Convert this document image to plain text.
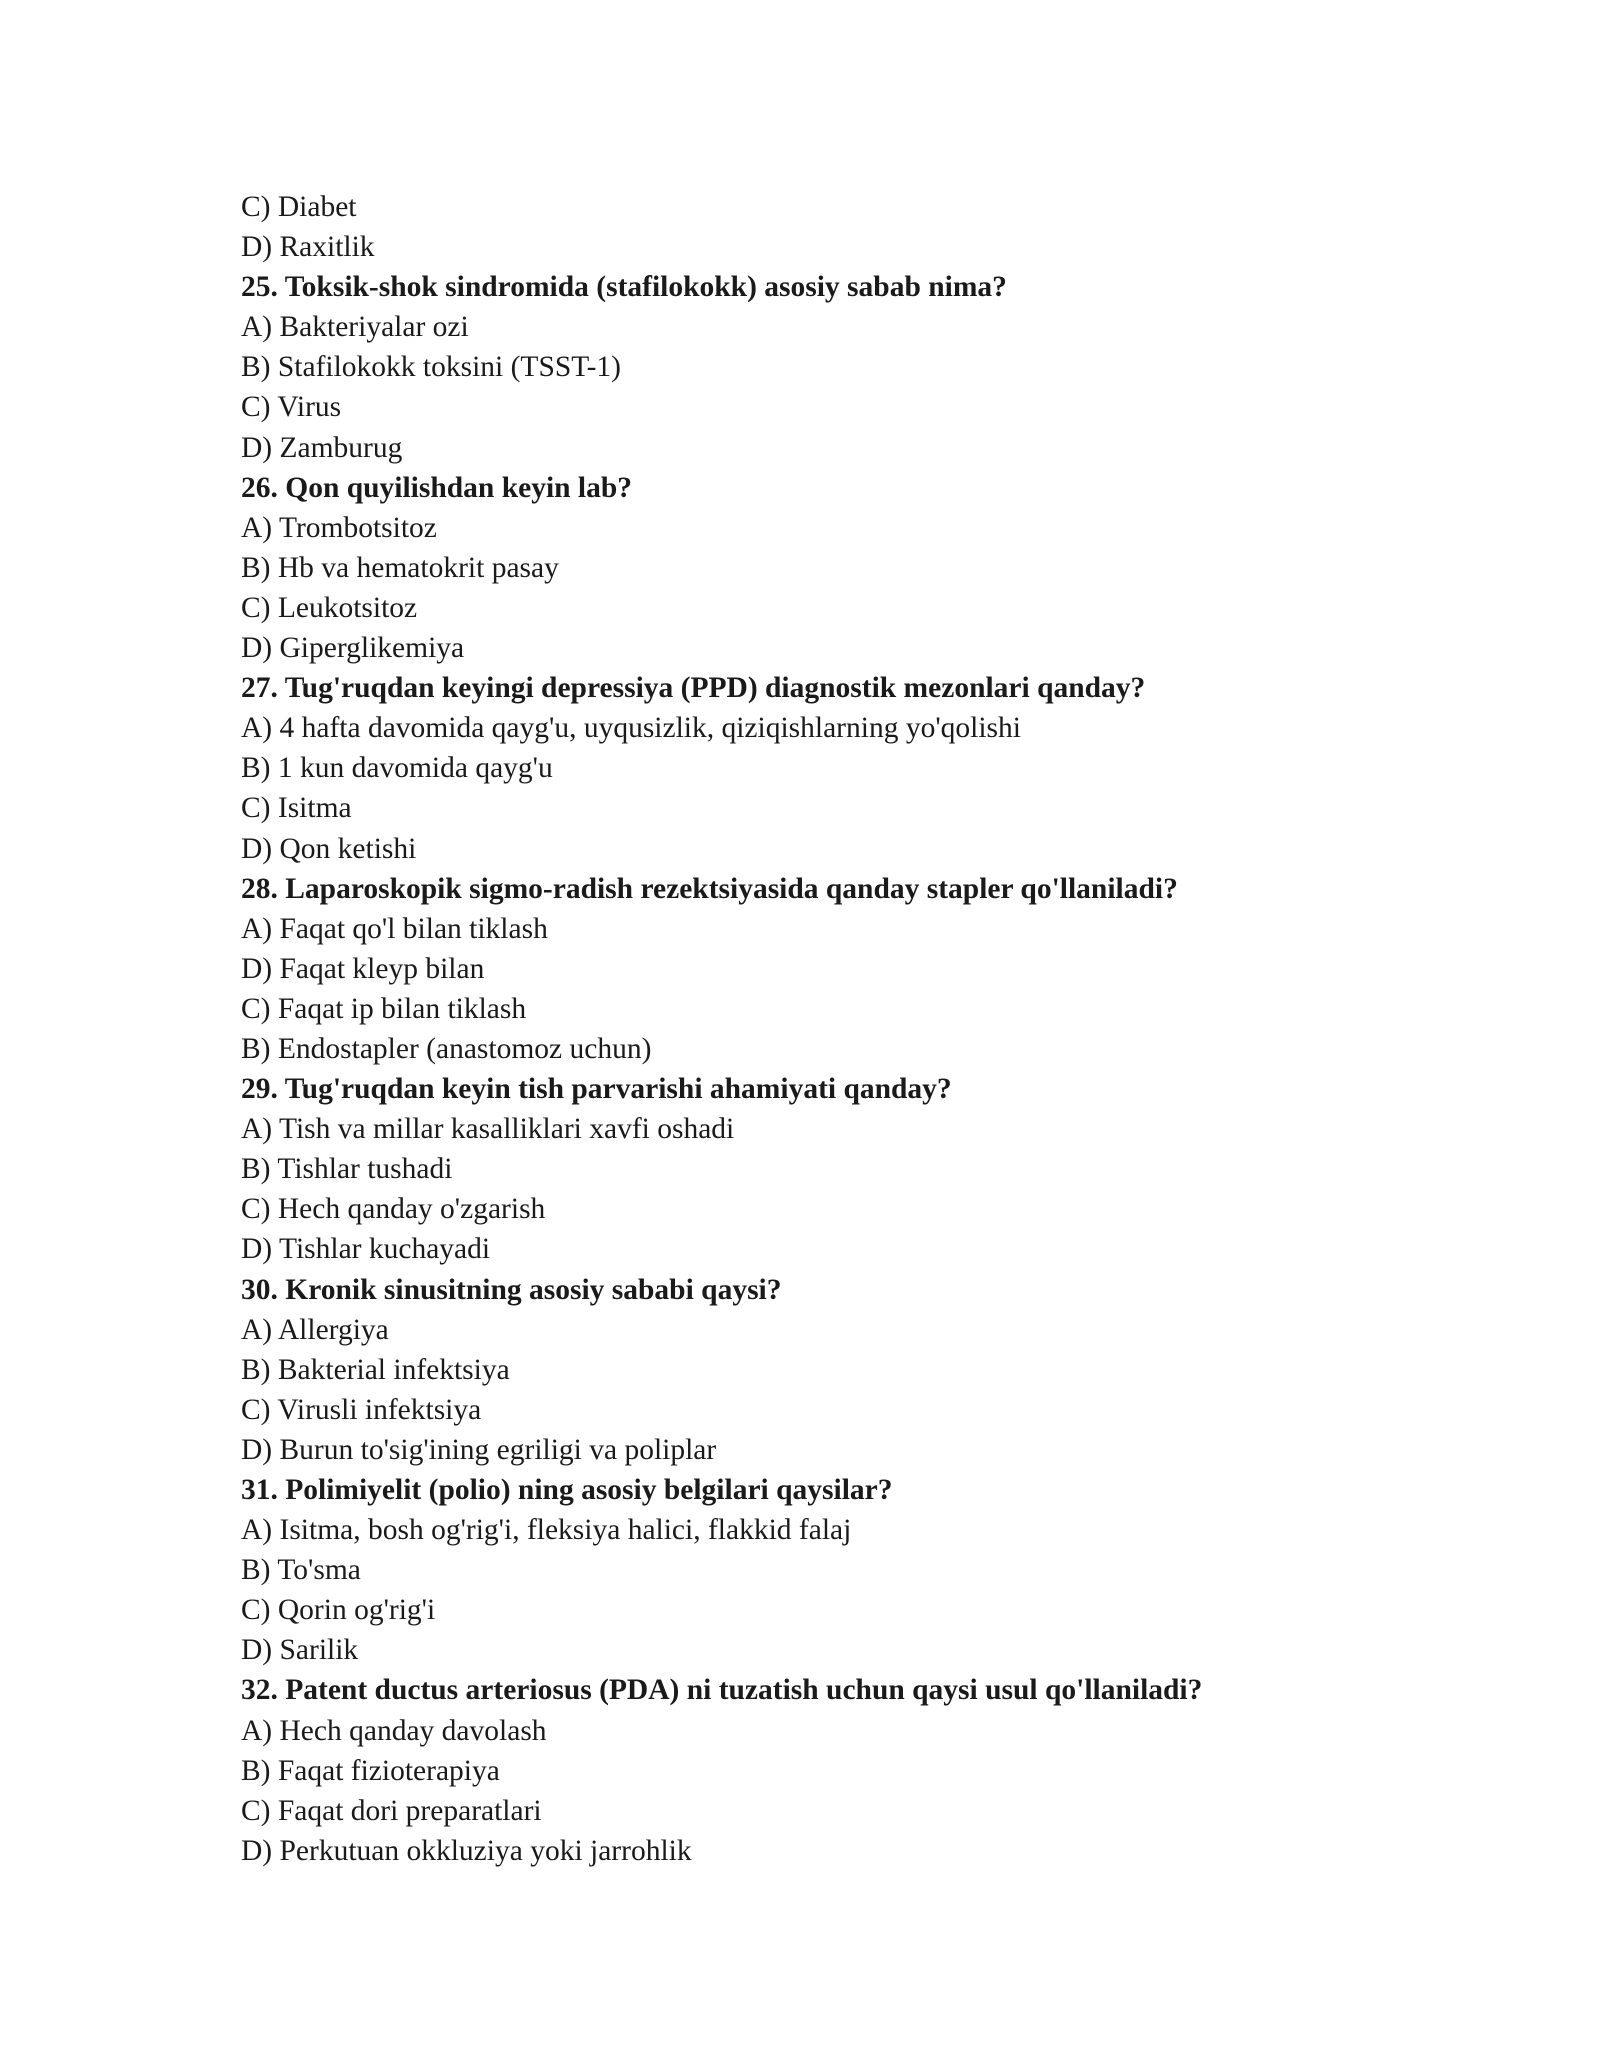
C) Diabet
D) Raxitlik
25. Toksik-shok sindromida (stafilokokk) asosiy sabab nima?
A) Bakteriyalar ozi
B) Stafilokokk toksini (TSST-1)
C) Virus
D) Zamburug
26. Qon quyilishdan keyin lab?
A) Trombotsitoz
B) Hb va hematokrit pasay
C) Leukotsitoz
D) Giperglikemiya
27. Tug'ruqdan keyingi depressiya (PPD) diagnostik mezonlari qanday?
A) 4 hafta davomida qayg'u, uyqusizlik, qiziqishlarning yo'qolishi
B) 1 kun davomida qayg'u
C) Isitma
D) Qon ketishi
28. Laparoskopik sigmo-radish rezektsiyasida qanday stapler qo'llaniladi?
A) Faqat qo'l bilan tiklash
D) Faqat kleyp bilan
C) Faqat ip bilan tiklash
B) Endostapler (anastomoz uchun)
29. Tug'ruqdan keyin tish parvarishi ahamiyati qanday?
A) Tish va millar kasalliklari xavfi oshadi
B) Tishlar tushadi
C) Hech qanday o'zgarish
D) Tishlar kuchayadi
30. Kronik sinusitning asosiy sababi qaysi?
A) Allergiya
B) Bakterial infektsiya
C) Virusli infektsiya
D) Burun to'sig'ining egriligi va poliplar
31. Polimiyelit (polio) ning asosiy belgilari qaysilar?
A) Isitma, bosh og'rig'i, fleksiya halici, flakkid falaj
B) To'sma
C) Qorin og'rig'i
D) Sarilik
32. Patent ductus arteriosus (PDA) ni tuzatish uchun qaysi usul qo'llaniladi?
A) Hech qanday davolash
B) Faqat fizioterapiya
C) Faqat dori preparatlari
D) Perkutuan okkluziya yoki jarrohlik
